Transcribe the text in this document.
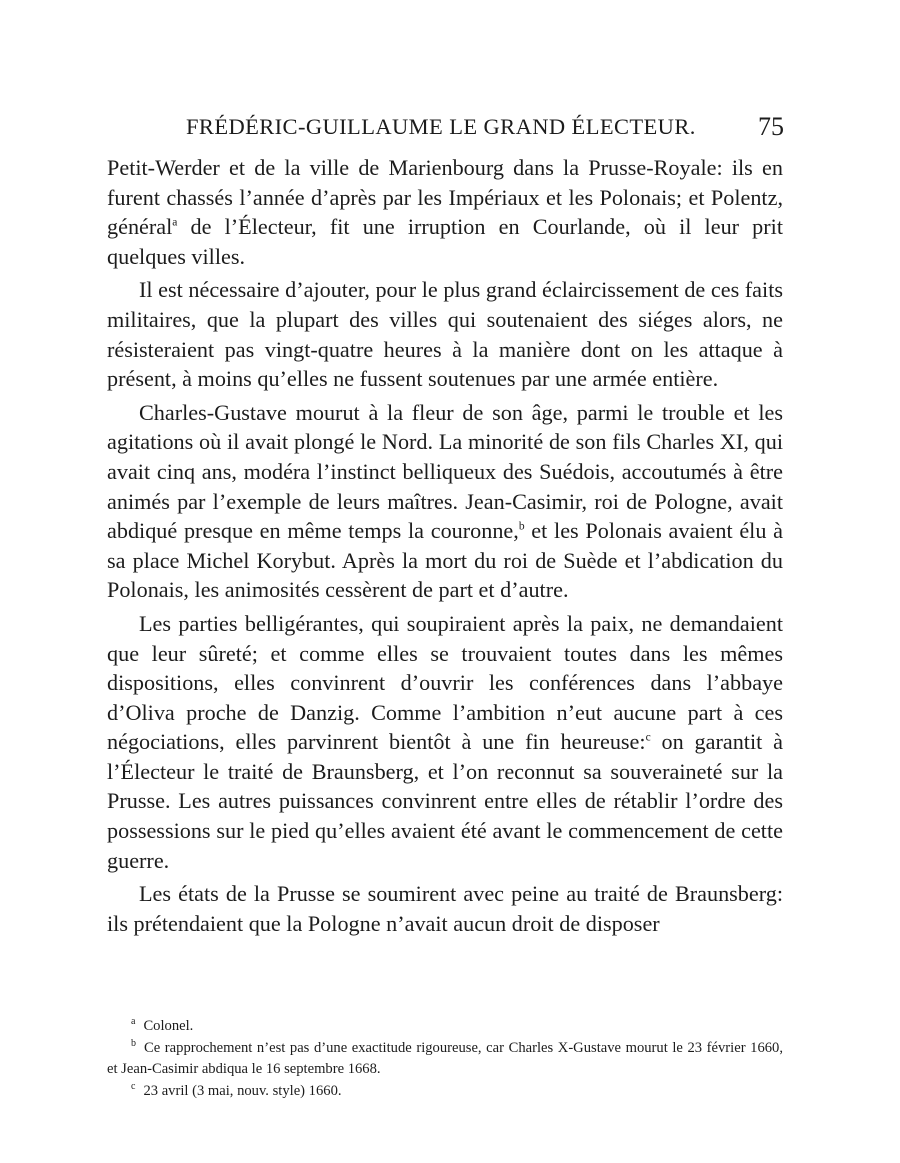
FRÉDÉRIC-GUILLAUME LE GRAND ÉLECTEUR. 75

Petit-Werder et de la ville de Marienbourg dans la Prusse-Royale: ils en furent chassés l’année d’après par les Impériaux et les Polonais; et Polentz, général$^a$ de l’Électeur, fit une irruption en Courlande, où il leur prit quelques villes.

Il est nécessaire d’ajouter, pour le plus grand éclaircissement de ces faits militaires, que la plupart des villes qui soutenaient des siéges alors, ne résisteraient pas vingt-quatre heures à la manière dont on les attaque à présent, à moins qu’elles ne fussent soutenues par une armée entière.

Charles-Gustave mourut à la fleur de son âge, parmi le trouble et les agitations où il avait plongé le Nord. La minorité de son fils Charles XI, qui avait cinq ans, modéra l’instinct belliqueux des Suédois, accoutumés à être animés par l’exemple de leurs maîtres. Jean-Casimir, roi de Pologne, avait abdiqué presque en même temps la couronne,$^b$ et les Polonais avaient élu à sa place Michel Korybut. Après la mort du roi de Suède et l’abdication du Polonais, les animosités cessèrent de part et d’autre.

Les parties belligérantes, qui soupiraient après la paix, ne demandaient que leur sûreté; et comme elles se trouvaient toutes dans les mêmes dispositions, elles convinrent d’ouvrir les conférences dans l’abbaye d’Oliva proche de Danzig. Comme l’ambition n’eut aucune part à ces négociations, elles parvinrent bientôt à une fin heureuse:$^c$ on garantit à l’Électeur le traité de Braunsberg, et l’on reconnut sa souveraineté sur la Prusse. Les autres puissances convinrent entre elles de rétablir l’ordre des possessions sur le pied qu’elles avaient été avant le commencement de cette guerre.

Les états de la Prusse se soumirent avec peine au traité de Braunsberg: ils prétendaient que la Pologne n’avait aucun droit de disposer

$^a$ Colonel.

$^b$ Ce rapprochement n’est pas d’une exactitude rigoureuse, car Charles X-Gustave mourut le 23 février 1660, et Jean-Casimir abdiqua le 16 septembre 1668.

$^c$ 23 avril (3 mai, nouv. style) 1660.
